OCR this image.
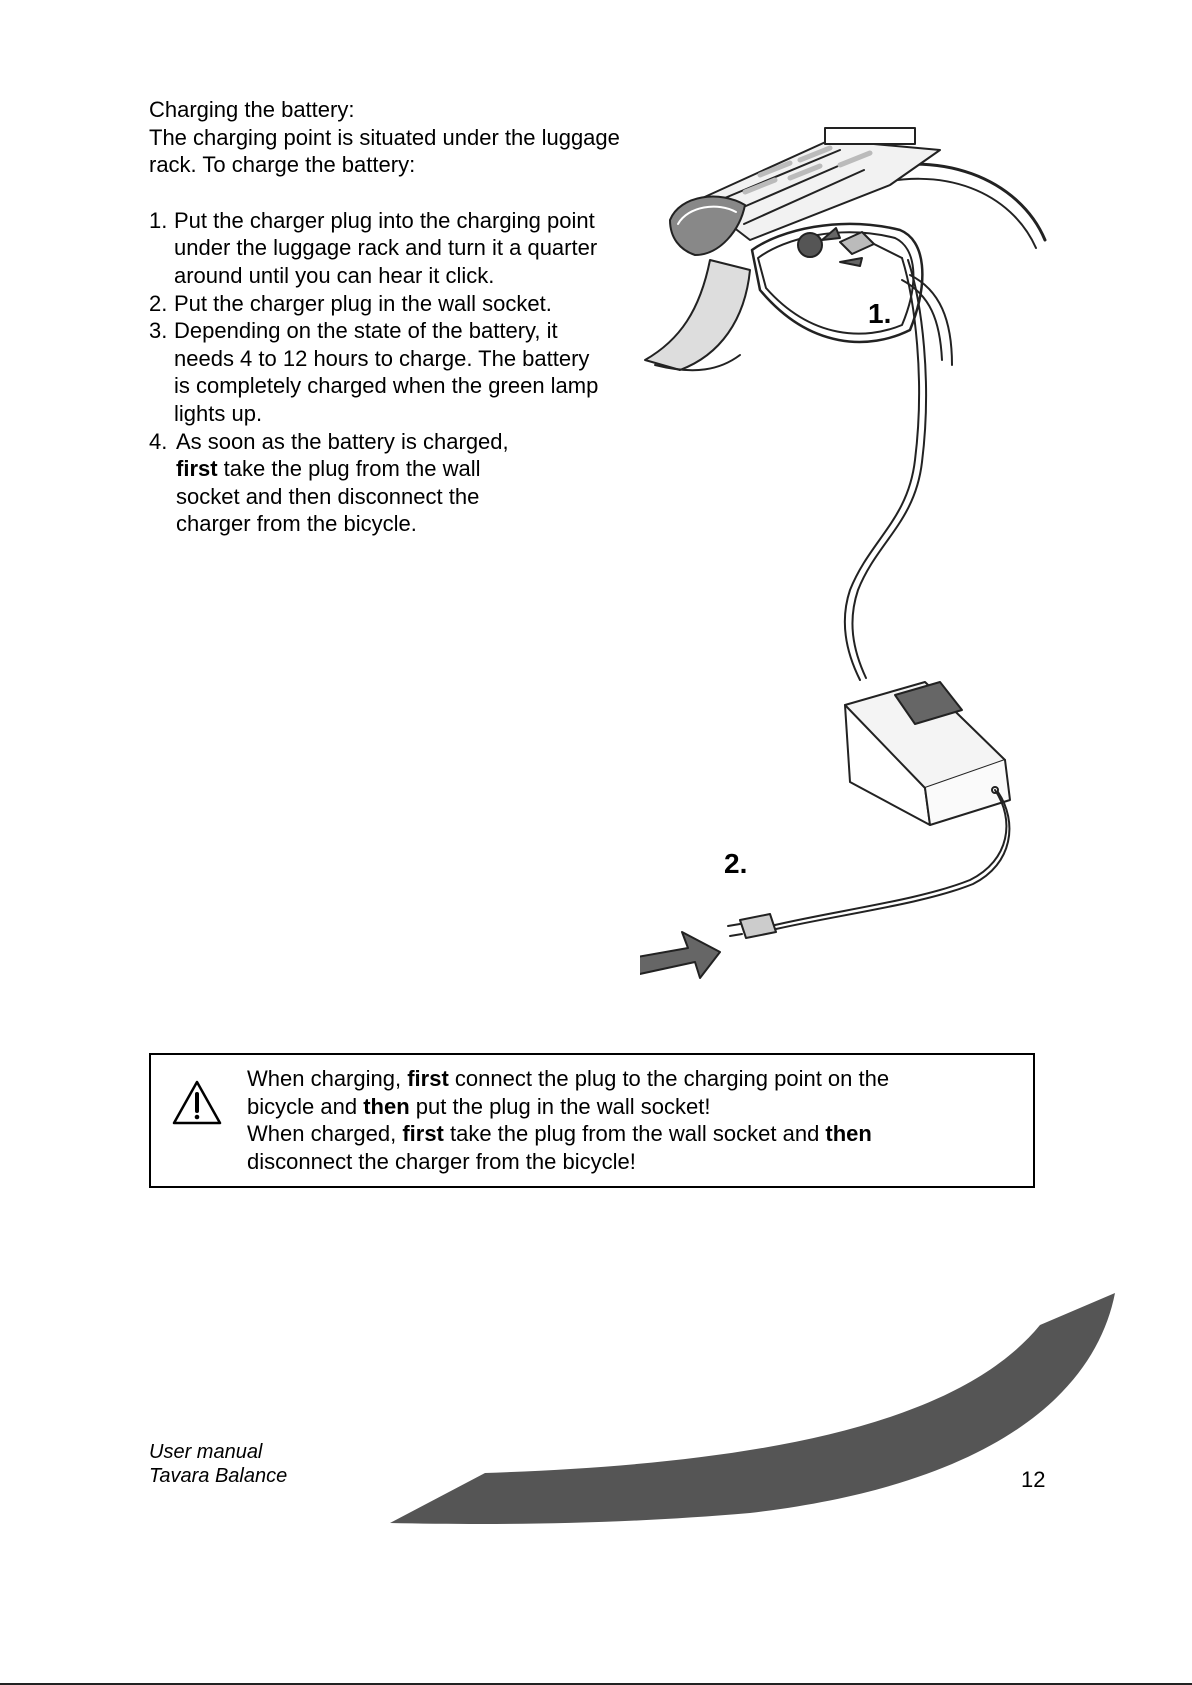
Charging the battery:

The charging point is situated under the luggage

rack. To charge the battery:

1. Put the charger plug into the charging point

under the luggage rack and turn it a quarter

around until you can hear it click.

2. Put the charger plug in the wall socket.

3. Depending on the state of the battery, it

needs 4 to 12 hours to charge. The battery

is completely charged when the green lamp

lights up.

4. As soon as the battery is charged,

first take the plug from the wall

socket and then disconnect the

charger from the bicycle.

1.
2.

When charging, first connect the plug to the charging point on the

bicycle and then put the plug in the wall socket!

When charged, first take the plug from the wall socket and then

disconnect the charger from the bicycle!

User manual
Tavara Balance	12
